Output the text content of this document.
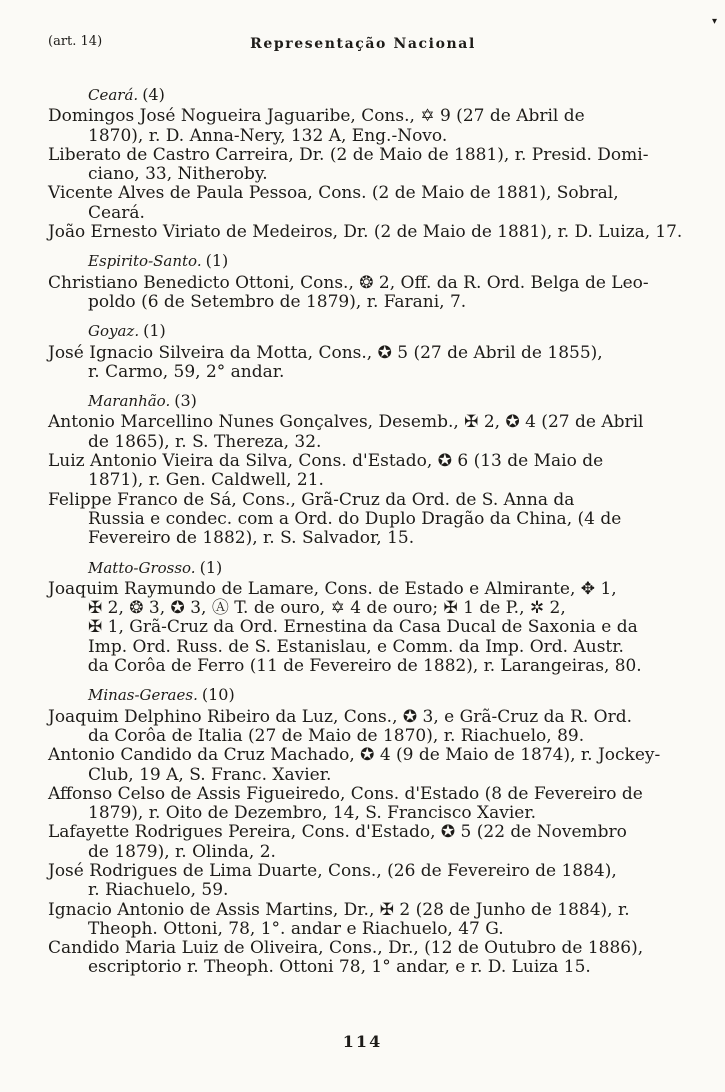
▾
(art. 14)	Representação Nacional
Ceará. (4)
Domingos José Nogueira Jaguaribe, Cons., ✡ 9 (27 de Abril de
1870), r. D. Anna-Nery, 132 A, Eng.-Novo.
Liberato de Castro Carreira, Dr. (2 de Maio de 1881), r. Presid. Domi-
ciano, 33, Nitheroby.
Vicente Alves de Paula Pessoa, Cons. (2 de Maio de 1881), Sobral,
Ceará.
João Ernesto Viriato de Medeiros, Dr. (2 de Maio de 1881), r. D. Luiza, 17.
Espirito-Santo. (1)
Christiano Benedicto Ottoni, Cons., ❂ 2, Off. da R. Ord. Belga de Leo-
poldo (6 de Setembro de 1879), r. Farani, 7.
Goyaz. (1)
José Ignacio Silveira da Motta, Cons., ✪ 5 (27 de Abril de 1855),
r. Carmo, 59, 2° andar.
Maranhão. (3)
Antonio Marcellino Nunes Gonçalves, Desemb., ✠ 2, ✪ 4 (27 de Abril
de 1865), r. S. Thereza, 32.
Luiz Antonio Vieira da Silva, Cons. d'Estado, ✪ 6 (13 de Maio de
1871), r. Gen. Caldwell, 21.
Felippe Franco de Sá, Cons., Grã-Cruz da Ord. de S. Anna da
Russia e condec. com a Ord. do Duplo Dragão da China, (4 de
Fevereiro de 1882), r. S. Salvador, 15.
Matto-Grosso. (1)
Joaquim Raymundo de Lamare, Cons. de Estado e Almirante, ✥ 1,
✠ 2, ❂ 3, ✪ 3, Ⓐ T. de ouro, ✡ 4 de ouro; ✠ 1 de P., ✲ 2,
✠ 1, Grã-Cruz da Ord. Ernestina da Casa Ducal de Saxonia e da
Imp. Ord. Russ. de S. Estanislau, e Comm. da Imp. Ord. Austr.
da Corôa de Ferro (11 de Fevereiro de 1882), r. Larangeiras, 80.
Minas-Geraes. (10)
Joaquim Delphino Ribeiro da Luz, Cons., ✪ 3, e Grã-Cruz da R. Ord.
da Corôa de Italia (27 de Maio de 1870), r. Riachuelo, 89.
Antonio Candido da Cruz Machado, ✪ 4 (9 de Maio de 1874), r. Jockey-
Club, 19 A, S. Franc. Xavier.
Affonso Celso de Assis Figueiredo, Cons. d'Estado (8 de Fevereiro de
1879), r. Oito de Dezembro, 14, S. Francisco Xavier.
Lafayette Rodrigues Pereira, Cons. d'Estado, ✪ 5 (22 de Novembro
de 1879), r. Olinda, 2.
José Rodrigues de Lima Duarte, Cons., (26 de Fevereiro de 1884),
r. Riachuelo, 59.
Ignacio Antonio de Assis Martins, Dr., ✠ 2 (28 de Junho de 1884), r.
Theoph. Ottoni, 78, 1°. andar e Riachuelo, 47 G.
Candido Maria Luiz de Oliveira, Cons., Dr., (12 de Outubro de 1886),
escriptorio r. Theoph. Ottoni 78, 1° andar, e r. D. Luiza 15.
114
